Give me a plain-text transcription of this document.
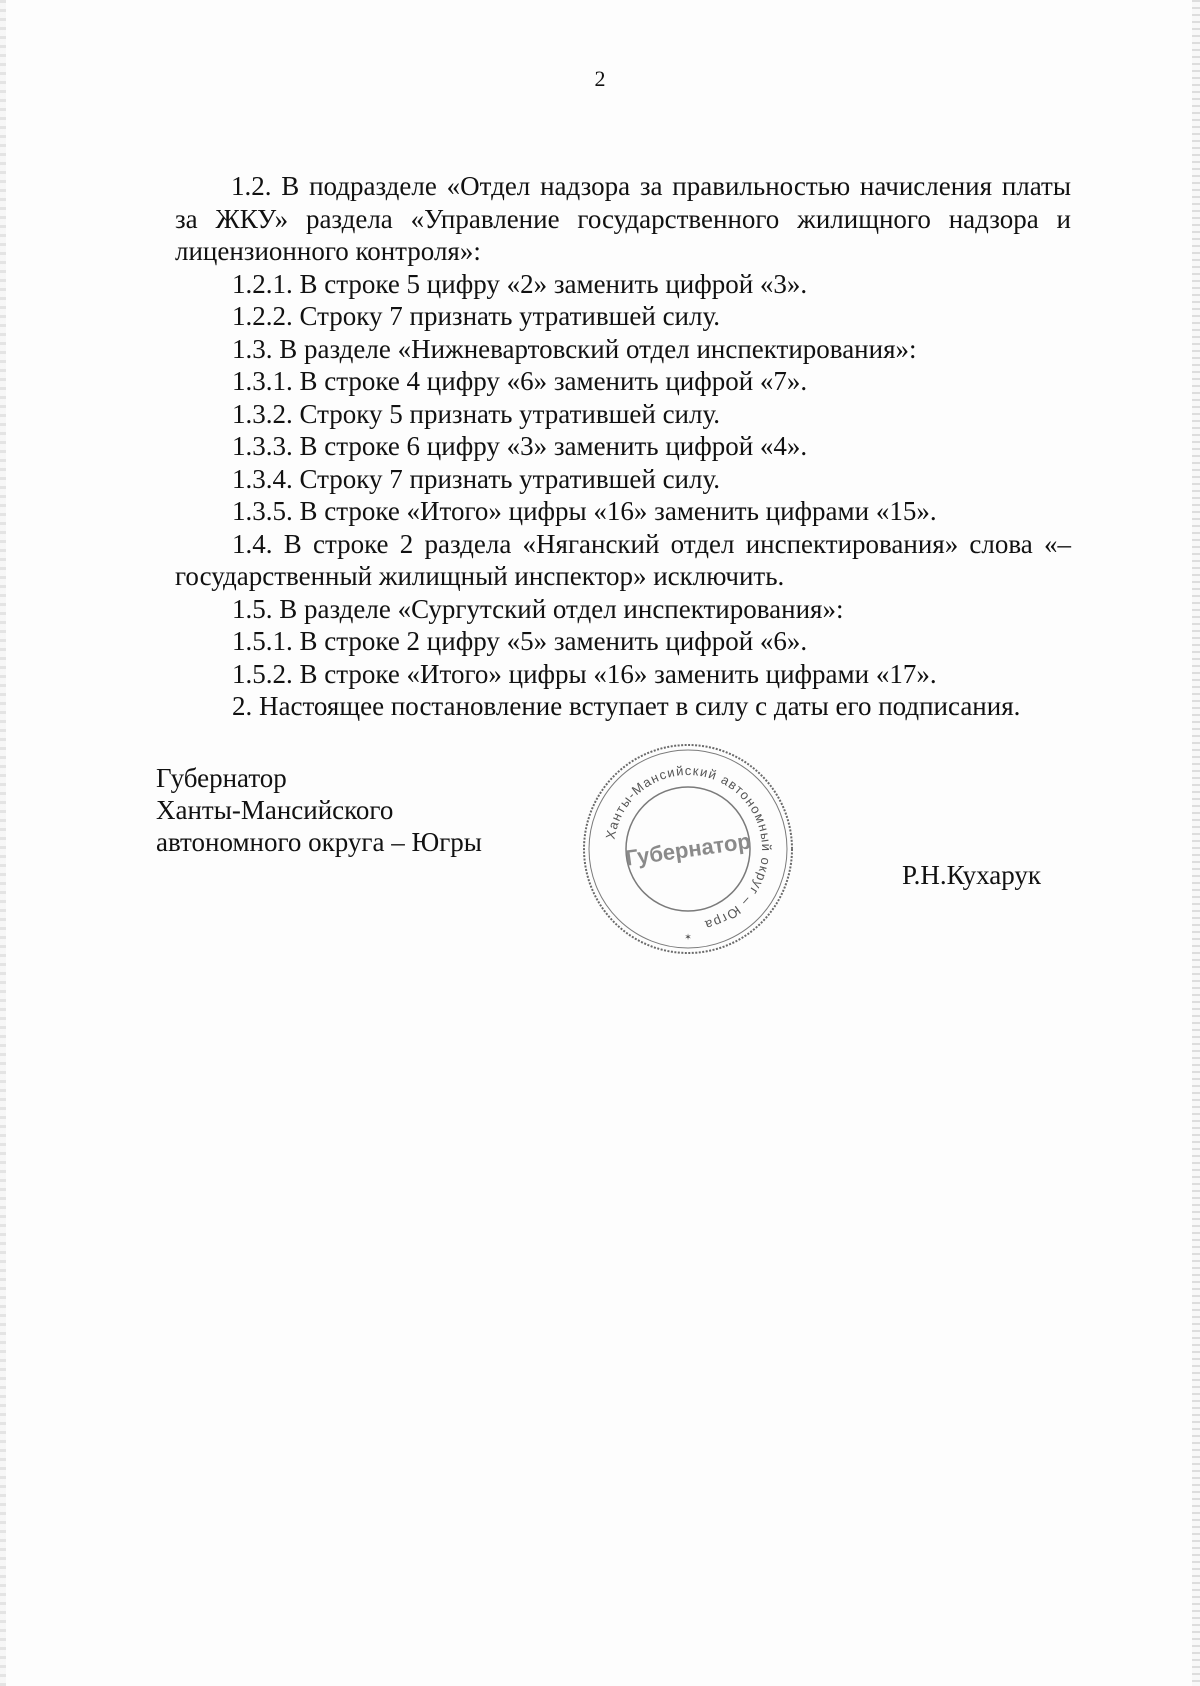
2

1.2. В подразделе «Отдел надзора за правильностью начисления платы за ЖКУ» раздела «Управление государственного жилищного надзора и лицензионного контроля»:

1.2.1. В строке 5 цифру «2» заменить цифрой «3».

1.2.2. Строку 7 признать утратившей силу.

1.3. В разделе «Нижневартовский отдел инспектирования»:

1.3.1. В строке 4 цифру «6» заменить цифрой «7».

1.3.2. Строку 5 признать утратившей силу.

1.3.3. В строке 6 цифру «3» заменить цифрой «4».

1.3.4. Строку 7 признать утратившей силу.

1.3.5. В строке «Итого» цифры «16» заменить цифрами «15».

1.4. В строке 2 раздела «Няганский отдел инспектирования» слова «– государственный жилищный инспектор» исключить.

1.5. В разделе «Сургутский отдел инспектирования»:

1.5.1. В строке 2 цифру «5» заменить цифрой «6».

1.5.2. В строке «Итого» цифры «16» заменить цифрами «17».

2. Настоящее постановление вступает в силу с даты его подписания.

Губернатор
Ханты-Мансийского
автономного округа – Югры	Ханты-Мансийский автономный округ – Югра
Губернатор
✶
Р.Н.Кухарук
